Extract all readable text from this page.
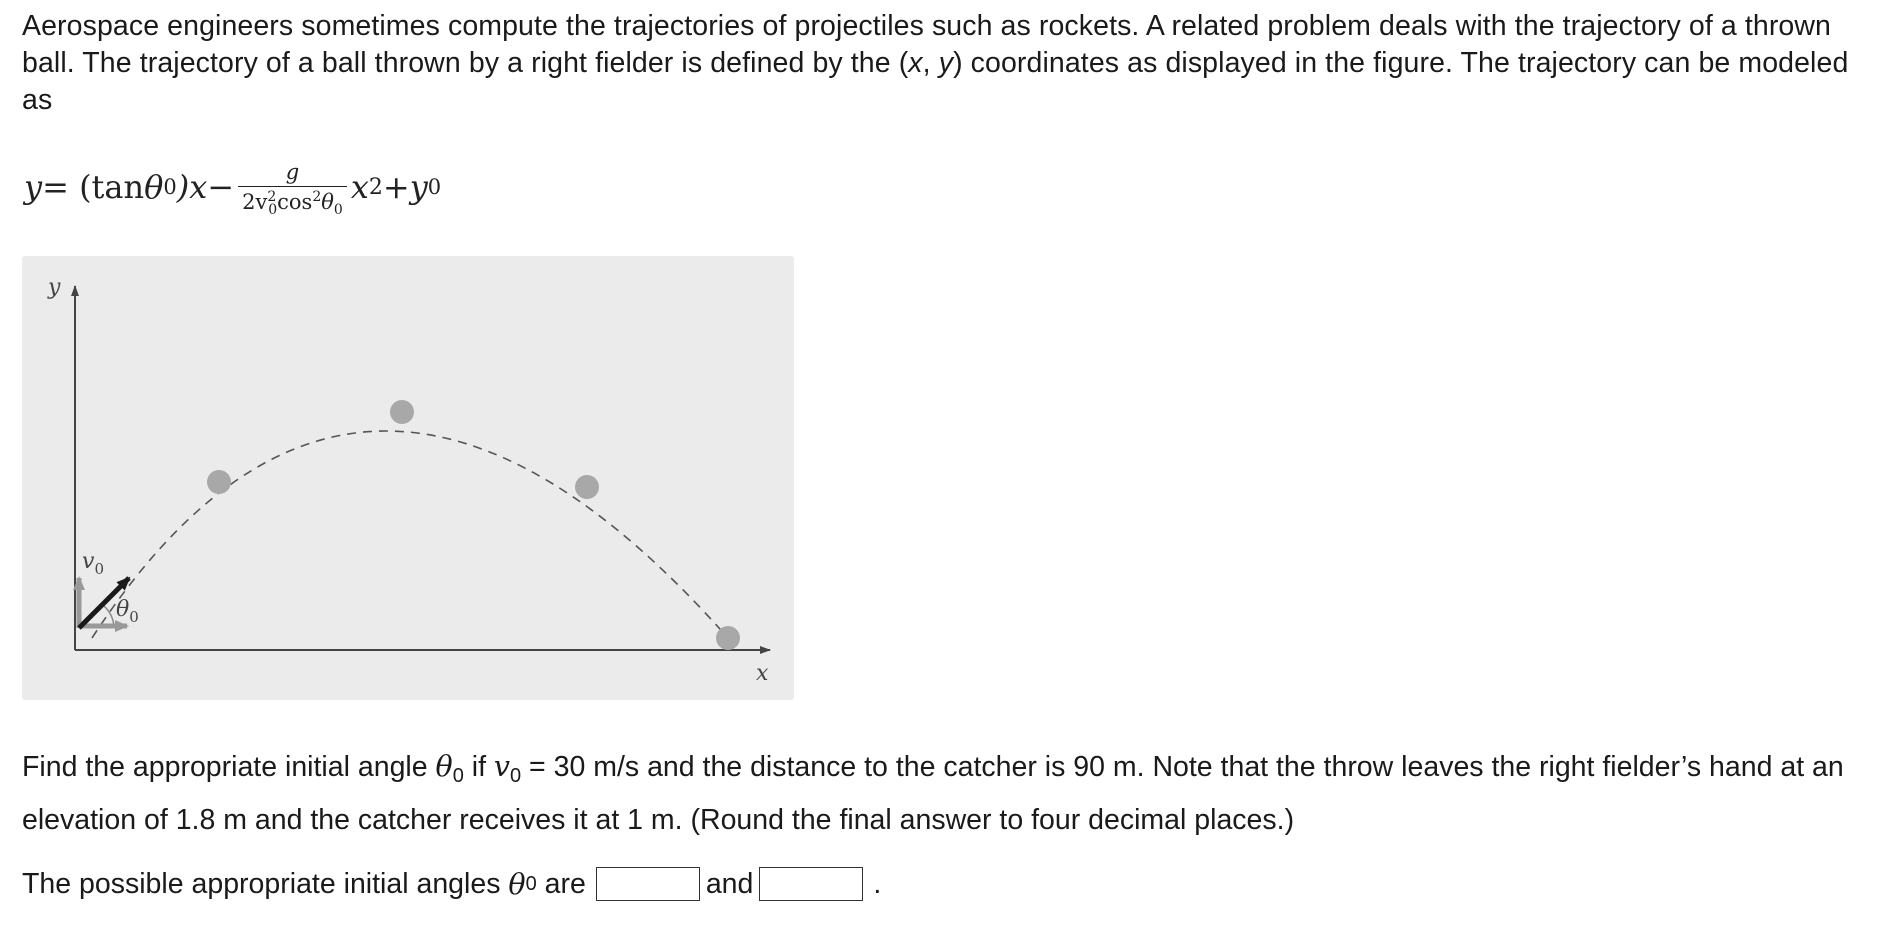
Aerospace engineers sometimes compute the trajectories of projectiles such as rockets. A related problem deals with the trajectory of a thrown ball. The trajectory of a ball thrown by a right fielder is defined by the (x, y) coordinates as displayed in the figure. The trajectory can be modeled as

y = (tan θ 0 )$x - \frac{g}{2v^2_0\cos^2\theta_0}$ x 2 + y 0
y
x
$v_0$
$\theta_0$

Find the appropriate initial angle $\theta_0$ if $v_0 = 30$ m/s and the distance to the catcher is 90 m. Note that the throw leaves the right fielder’s hand at an elevation of 1.8 m and the catcher receives it at 1 m. (Round the final answer to four decimal places.)

The possible appropriate initial angles θ 0 are	and	.
